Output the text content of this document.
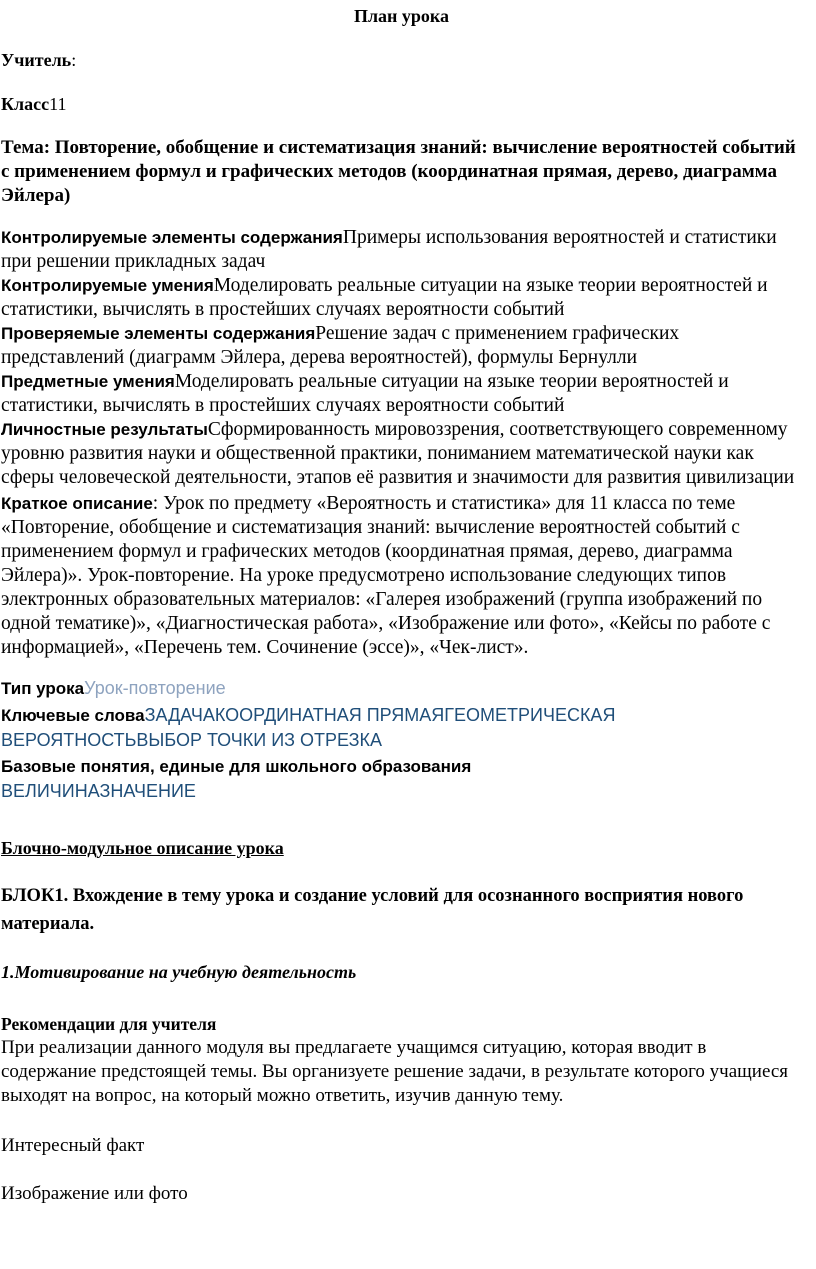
План урока

Учитель:

Класс11

Тема: Повторение, обобщение и систематизация знаний: вычисление вероятностей событий с применением формул и графических методов (координатная прямая, дерево, диаграмма Эйлера)

Контролируемые элементы содержанияПримеры использования вероятностей и статистики при решении прикладных задач

Контролируемые уменияМоделировать реальные ситуации на языке теории вероятностей и статистики, вычислять в простейших случаях вероятности событий

Проверяемые элементы содержанияРешение задач с применением графических представлений (диаграмм Эйлера, дерева вероятностей), формулы Бернулли

Предметные уменияМоделировать реальные ситуации на языке теории вероятностей и статистики, вычислять в простейших случаях вероятности событий

Личностные результатыСформированность мировоззрения, соответствующего современному уровню развития науки и общественной практики, пониманием математической науки как сферы человеческой деятельности, этапов её развития и значимости для развития цивилизации

Краткое описание: Урок по предмету «Вероятность и статистика» для 11 класса по теме «Повторение, обобщение и систематизация знаний: вычисление вероятностей событий с применением формул и графических методов (координатная прямая, дерево, диаграмма Эйлера)». Урок-повторение. На уроке предусмотрено использование следующих типов электронных образовательных материалов: «Галерея изображений (группа изображений по одной тематике)», «Диагностическая работа», «Изображение или фото», «Кейсы по работе с информацией», «Перечень тем. Сочинение (эссе)», «Чек-лист».

Тип урокаУрок-повторение

Ключевые словаЗАДАЧАКООРДИНАТНАЯ ПРЯМАЯГЕОМЕТРИЧЕСКАЯ ВЕРОЯТНОСТЬВЫБОР ТОЧКИ ИЗ ОТРЕЗКА

Базовые понятия, единые для школьного образования
ВЕЛИЧИНАЗНАЧЕНИЕ

Блочно-модульное описание урока

БЛОК1. Вхождение в тему урока и создание условий для осознанного восприятия нового материала.

1.Мотивирование на учебную деятельность

Рекомендации для учителя

При реализации данного модуля вы предлагаете учащимся ситуацию, которая вводит в содержание предстоящей темы. Вы организуете решение задачи, в результате которого учащиеся выходят на вопрос, на который можно ответить, изучив данную тему.

Интересный факт

Изображение или фото
